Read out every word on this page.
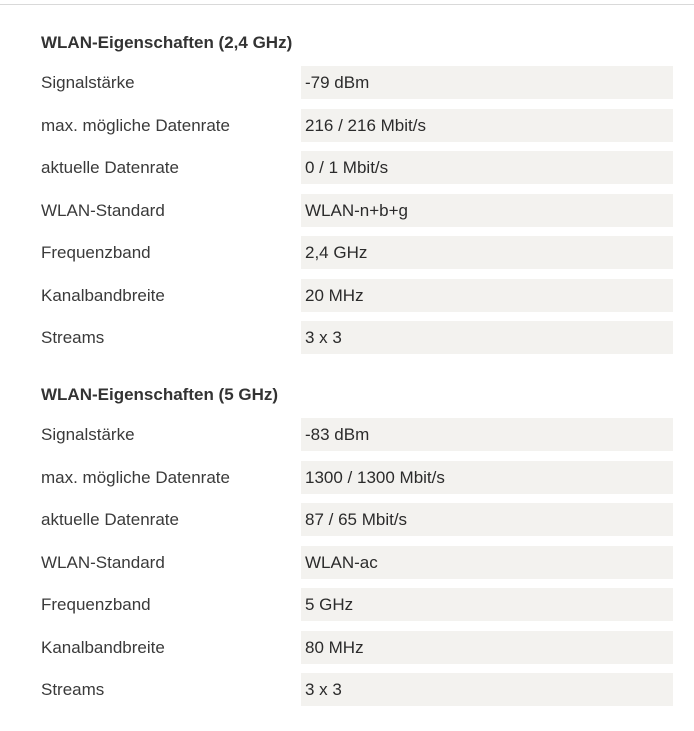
WLAN-Eigenschaften (2,4 GHz)
Signalstärke	-79 dBm
max. mögliche Datenrate	216 / 216 Mbit/s
aktuelle Datenrate	0 / 1 Mbit/s
WLAN-Standard	WLAN-n+b+g
Frequenzband	2,4 GHz
Kanalbandbreite	20 MHz
Streams	3 x 3
WLAN-Eigenschaften (5 GHz)
Signalstärke	-83 dBm
max. mögliche Datenrate	1300 / 1300 Mbit/s
aktuelle Datenrate	87 / 65 Mbit/s
WLAN-Standard	WLAN-ac
Frequenzband	5 GHz
Kanalbandbreite	80 MHz
Streams	3 x 3
